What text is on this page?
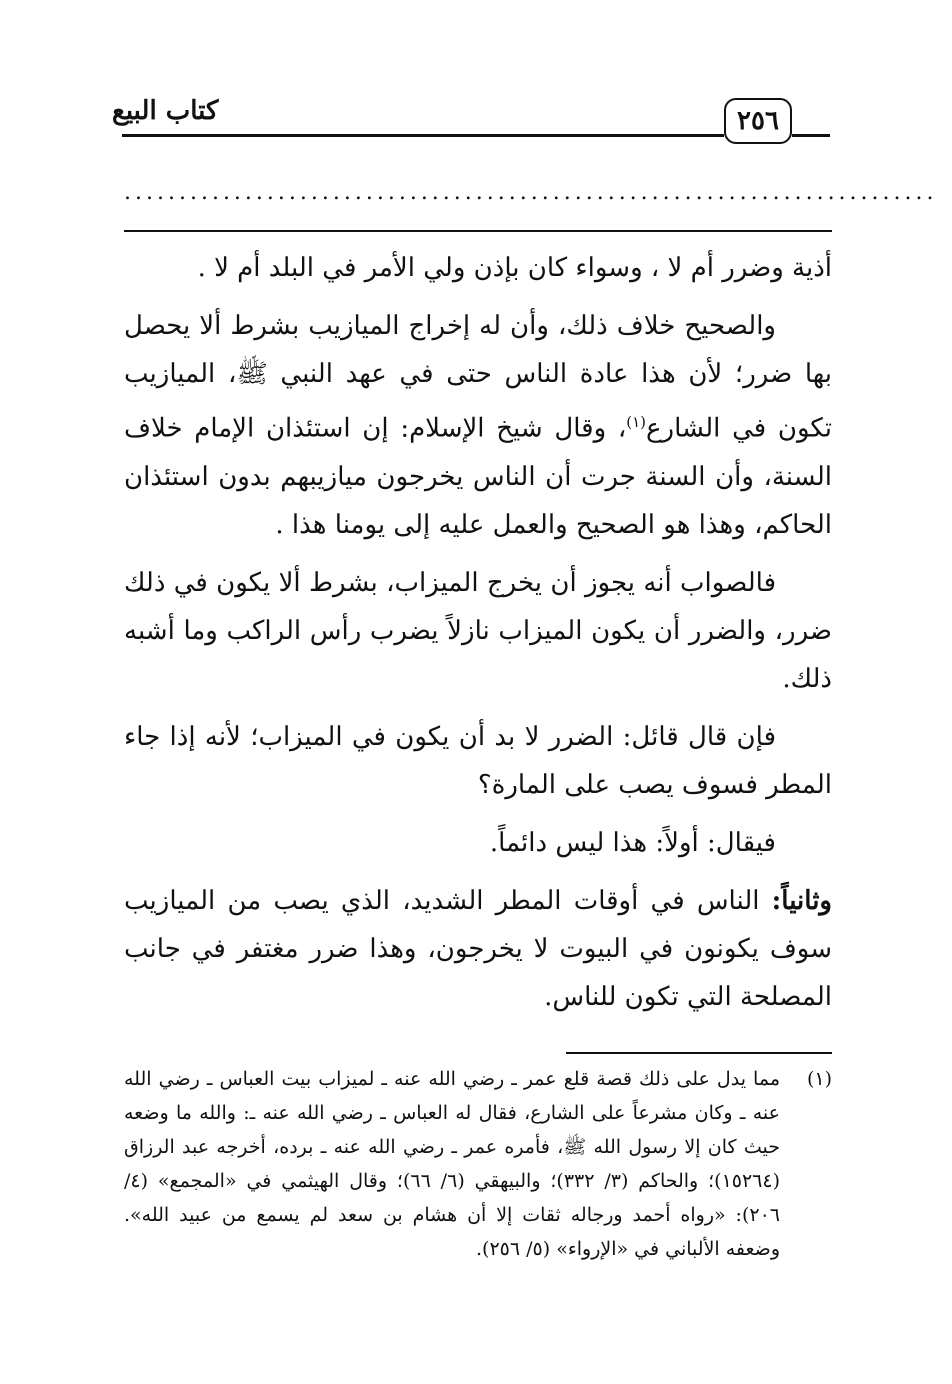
كتاب البيع	٢٥٦
..........................................................................

أذية وضرر أم لا ، وسواء كان بإذن ولي الأمر في البلد أم لا .

والصحيح خلاف ذلك، وأن له إخراج الميازيب بشرط ألا يحصل بها ضرر؛ لأن هذا عادة الناس حتى في عهد النبي ﷺ، الميازيب تكون في الشارع$^{(١)}$، وقال شيخ الإسلام: إن استئذان الإمام خلاف السنة، وأن السنة جرت أن الناس يخرجون ميازيبهم بدون استئذان الحاكم، وهذا هو الصحيح والعمل عليه إلى يومنا هذا .

فالصواب أنه يجوز أن يخرج الميزاب، بشرط ألا يكون في ذلك ضرر، والضرر أن يكون الميزاب نازلاً يضرب رأس الراكب وما أشبه ذلك.

فإن قال قائل: الضرر لا بد أن يكون في الميزاب؛ لأنه إذا جاء المطر فسوف يصب على المارة؟

فيقال: أولاً: هذا ليس دائماً.

وثانياً: الناس في أوقات المطر الشديد، الذي يصب من الميازيب سوف يكونون في البيوت لا يخرجون، وهذا ضرر مغتفر في جانب المصلحة التي تكون للناس.

(١)
مما يدل على ذلك قصة قلع عمر ـ رضي الله عنه ـ لميزاب بيت العباس ـ رضي الله عنه ـ وكان مشرعاً على الشارع، فقال له العباس ـ رضي الله عنه ـ: والله ما وضعه حيث كان إلا رسول الله ﷺ، فأمره عمر ـ رضي الله عنه ـ برده، أخرجه عبد الرزاق (١٥٢٦٤)؛ والحاكم (٣/ ٣٣٢)؛ والبيهقي (٦/ ٦٦)؛ وقال الهيثمي في «المجمع» (٤/ ٢٠٦): «رواه أحمد ورجاله ثقات إلا أن هشام بن سعد لم يسمع من عبيد الله». وضعفه الألباني في «الإرواء» (٥/ ٢٥٦).
